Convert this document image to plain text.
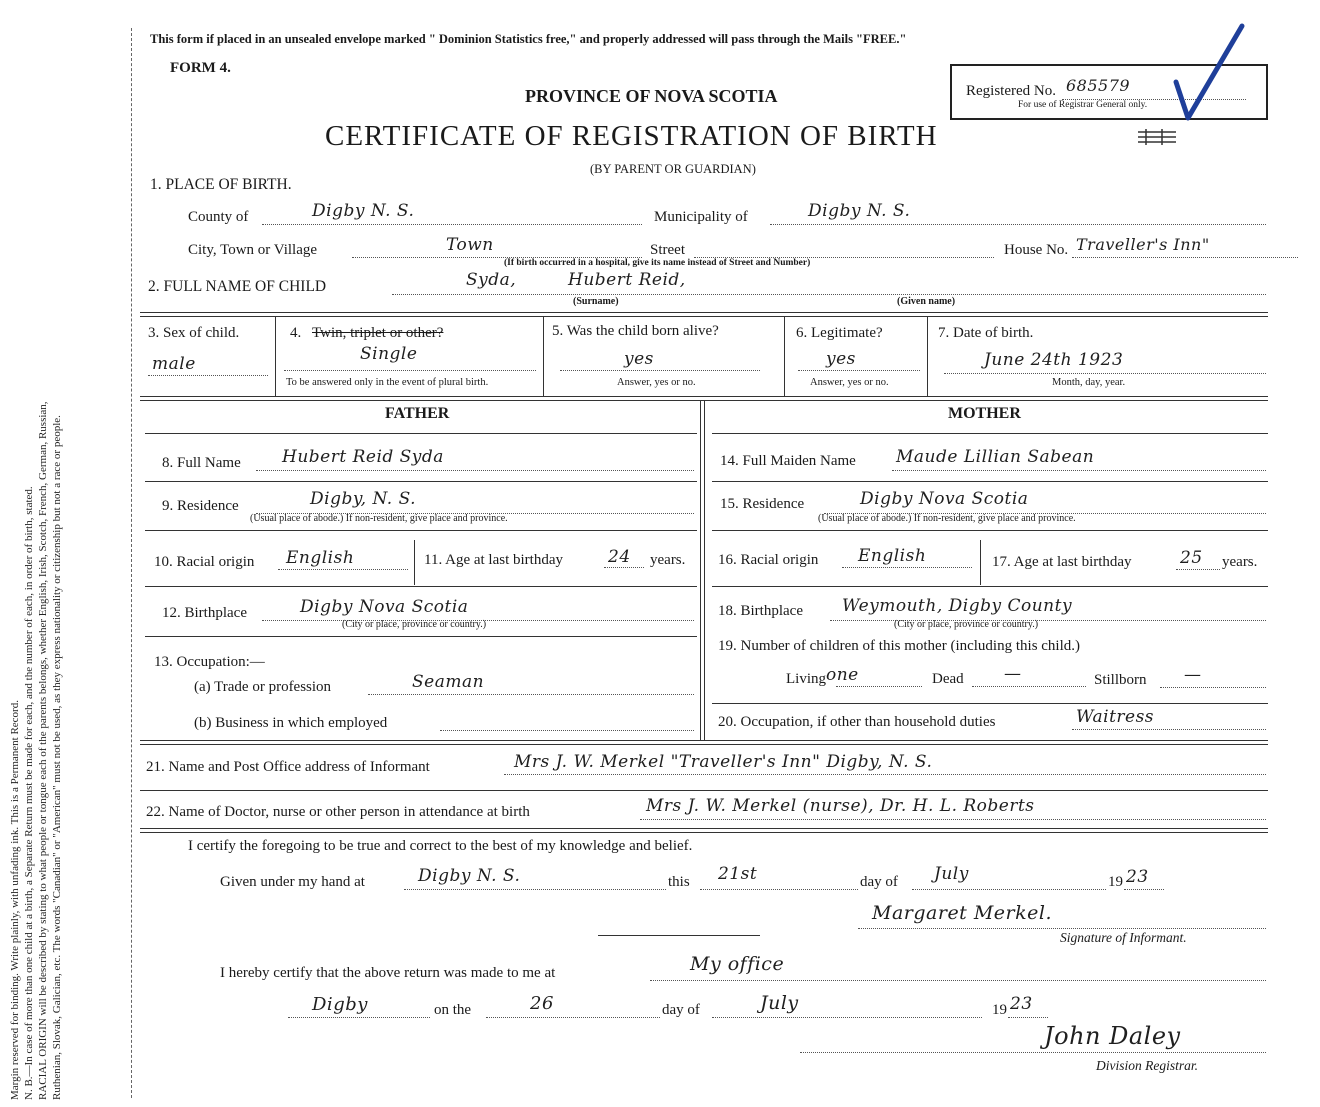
Margin reserved for binding. Write plainly, with unfading ink. This is a Permanent Record. N. B.—In case of more than one child at a birth, a Separate Return must be made for each, and the number of each, in order of birth, stated. RACIAL ORIGIN will be described by stating to what people or tongue each of the parents belongs, whether English, Irish, Scotch, French, German, Russian, Ruthenian, Slovak, Galician, etc. The words "Canadian" or "American" must not be used, as they express nationality or citizenship but not a race or people.
This form if placed in an unsealed envelope marked " Dominion Statistics free," and properly addressed will pass through the Mails "FREE."
FORM 4.
PROVINCE OF NOVA SCOTIA
CERTIFICATE OF REGISTRATION OF BIRTH
(BY PARENT OR GUARDIAN)
Registered No. 685579
For use of Registrar General only.
1. PLACE OF BIRTH.
County of	Digby N. S.	Municipality of	Digby N. S.
City, Town or Village	Town	Street
(If birth occurred in a hospital, give its name instead of Street and Number)
House No. Traveller's Inn"
2. FULL NAME OF CHILD	Syda,	Hubert Reid,
(Surname)	(Given name)
3. Sex of child.
male
4. Twin, triplet or other?
Single
To be answered only in the event of plural birth.
5. Was the child born alive?
yes
Answer, yes or no.
6. Legitimate?
yes
Answer, yes or no.
7. Date of birth.
June 24th 1923
Month, day, year.
FATHER	MOTHER
8. Full Name Hubert Reid Syda	14. Full Maiden Name Maude Lillian Sabean
9. Residence	Digby, N. S.
(Usual place of abode.) If non-resident, give place and province.
15. Residence	Digby Nova Scotia
(Usual place of abode.) If non-resident, give place and province.
10. Racial origin English	11. Age at last birthday	24 years. 16. Racial origin English	17. Age at last birthday	25 years.
12. Birthplace	Digby Nova Scotia
(City or place, province or country.)
18. Birthplace Weymouth, Digby County
(City or place, province or country.)
13. Occupation:—
(a) Trade or profession	Seaman
(b) Business in which employed
19. Number of children of this mother (including this child.)
Living one	Dead —	Stillborn —
20. Occupation, if other than household duties	Waitress
21. Name and Post Office address of Informant	Mrs J. W. Merkel "Traveller's Inn" Digby, N. S.
22. Name of Doctor, nurse or other person in attendance at birth	Mrs J. W. Merkel (nurse), Dr. H. L. Roberts
I certify the foregoing to be true and correct to the best of my knowledge and belief.
Given under my hand at	Digby N. S.	this 21st	day of July	19 23
Margaret Merkel.
Signature of Informant.
I hereby certify that the above return was made to me at	My office
Digby	on the	26	day of	July	19 23
John Daley
Division Registrar.
